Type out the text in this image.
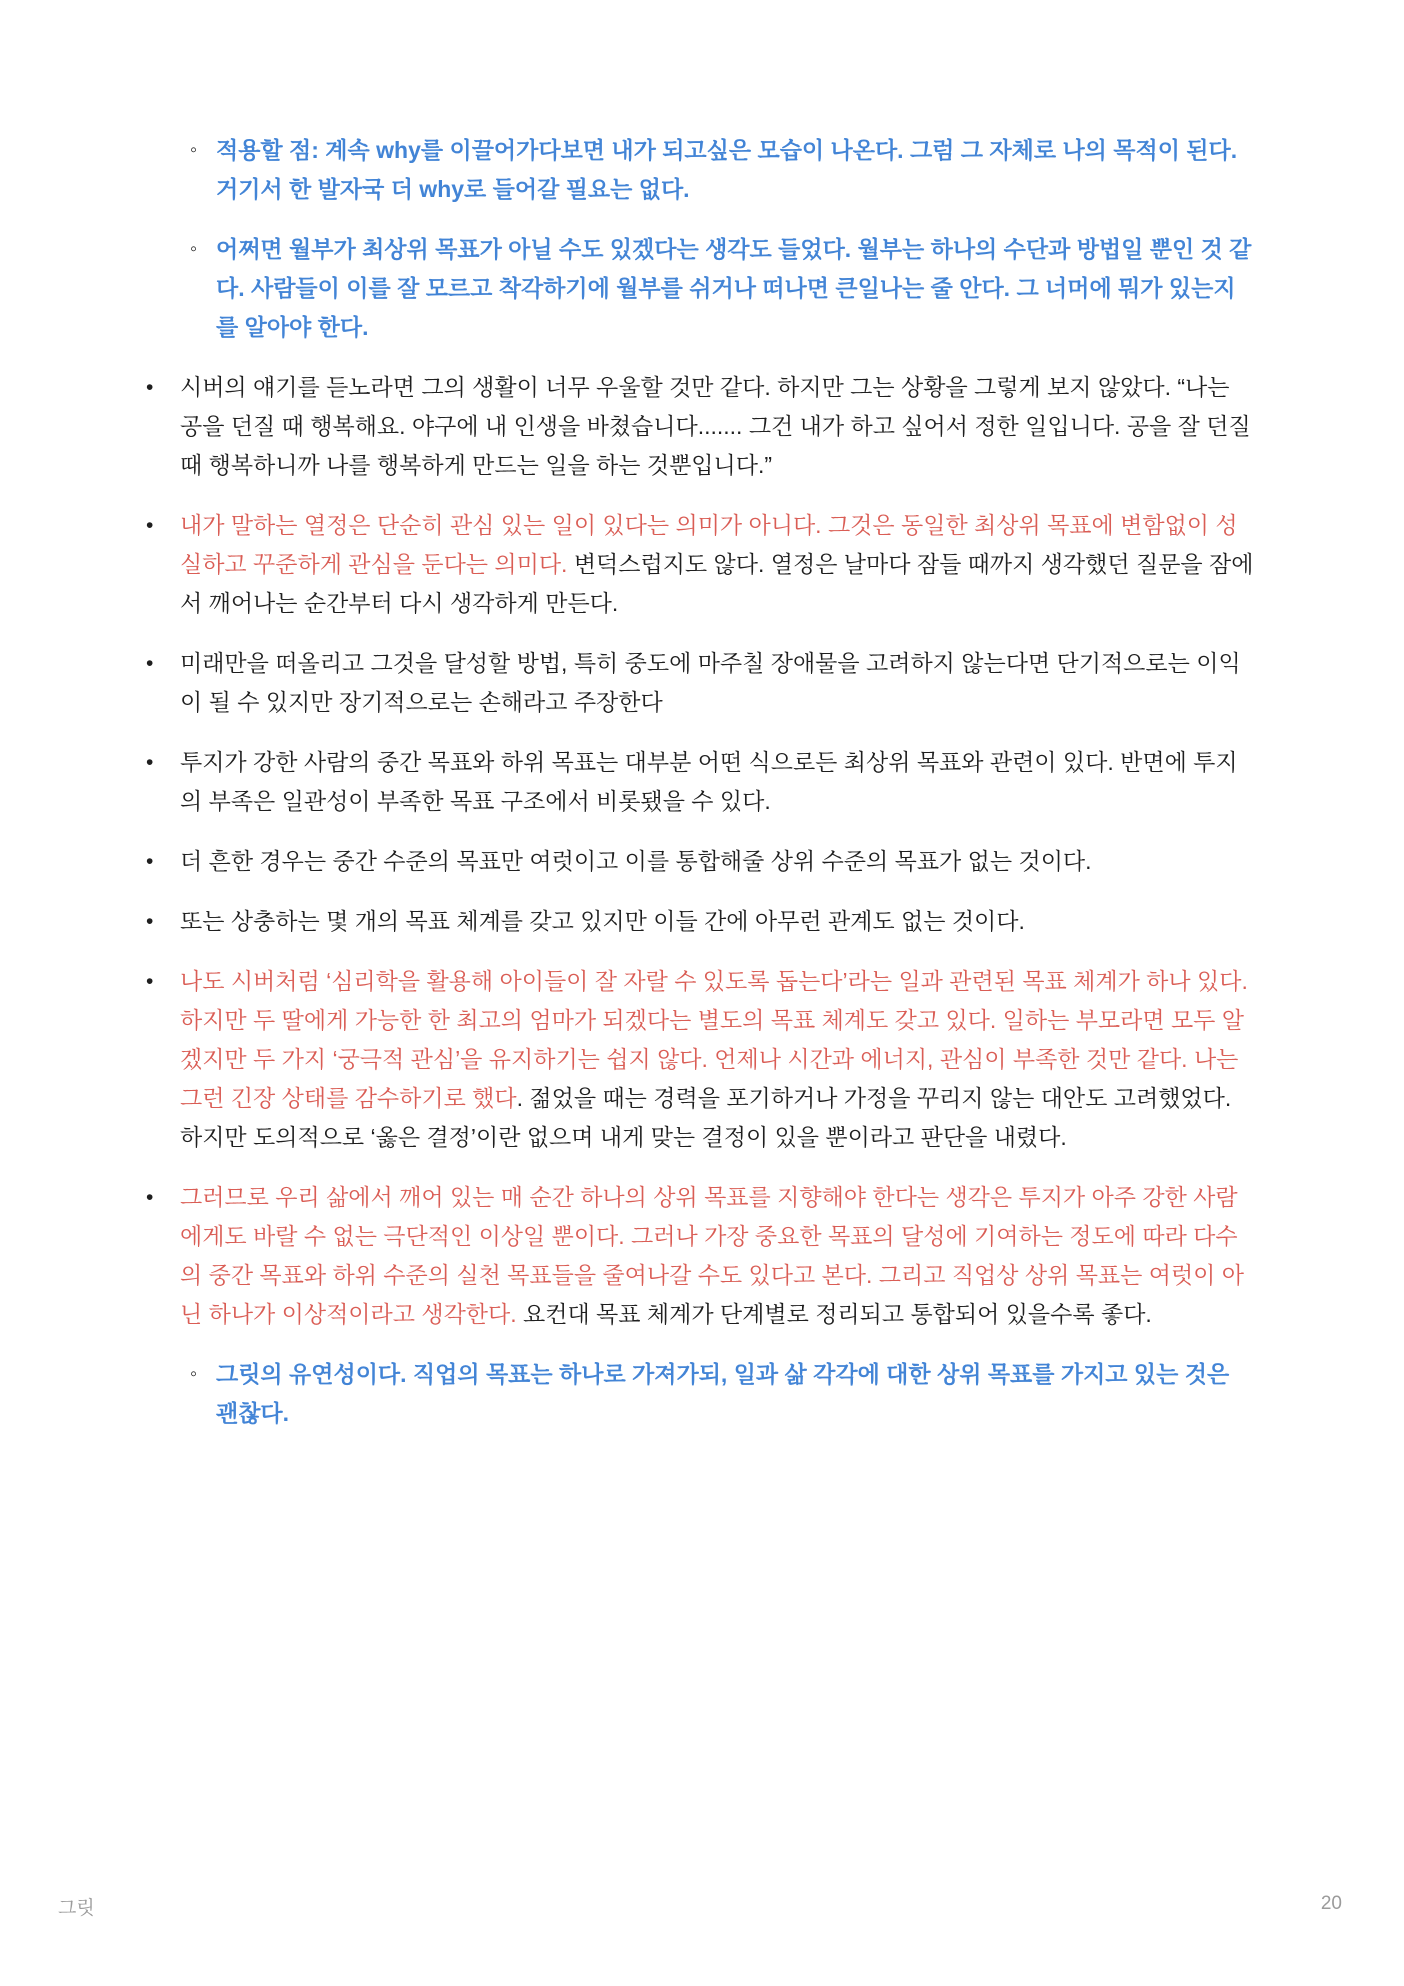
◦ 적용할 점: 계속 why를 이끌어가다보면 내가 되고싶은 모습이 나온다. 그럼 그 자체로 나의 목적이 된다. 거기서 한 발자국 더 why로 들어갈 필요는 없다.
◦ 어쩌면 월부가 최상위 목표가 아닐 수도 있겠다는 생각도 들었다. 월부는 하나의 수단과 방법일 뿐인 것 같다. 사람들이 이를 잘 모르고 착각하기에 월부를 쉬거나 떠나면 큰일나는 줄 안다. 그 너머에 뭐가 있는지를 알아야 한다.
•	시버의 얘기를 듣노라면 그의 생활이 너무 우울할 것만 같다. 하지만 그는 상황을 그렇게 보지 않았다. “나는 공을 던질 때 행복해요. 야구에 내 인생을 바쳤습니다....... 그건 내가 하고 싶어서 정한 일입니다. 공을 잘 던질 때 행복하니까 나를 행복하게 만드는 일을 하는 것뿐입니다.”
•	내가 말하는 열정은 단순히 관심 있는 일이 있다는 의미가 아니다. 그것은 동일한 최상위 목표에 변함없이 성실하고 꾸준하게 관심을 둔다는 의미다. 변덕스럽지도 않다. 열정은 날마다 잠들 때까지 생각했던 질문을 잠에서 깨어나는 순간부터 다시 생각하게 만든다.
•	미래만을 떠올리고 그것을 달성할 방법, 특히 중도에 마주칠 장애물을 고려하지 않는다면 단기적으로는 이익이 될 수 있지만 장기적으로는 손해라고 주장한다
•	투지가 강한 사람의 중간 목표와 하위 목표는 대부분 어떤 식으로든 최상위 목표와 관련이 있다. 반면에 투지의 부족은 일관성이 부족한 목표 구조에서 비롯됐을 수 있다.
•	더 흔한 경우는 중간 수준의 목표만 여럿이고 이를 통합해줄 상위 수준의 목표가 없는 것이다.
•	또는 상충하는 몇 개의 목표 체계를 갖고 있지만 이들 간에 아무런 관계도 없는 것이다.
•	나도 시버처럼 ‘심리학을 활용해 아이들이 잘 자랄 수 있도록 돕는다’라는 일과 관련된 목표 체계가 하나 있다. 하지만 두 딸에게 가능한 한 최고의 엄마가 되겠다는 별도의 목표 체계도 갖고 있다. 일하는 부모라면 모두 알겠지만 두 가지 ‘궁극적 관심’을 유지하기는 쉽지 않다. 언제나 시간과 에너지, 관심이 부족한 것만 같다. 나는 그런 긴장 상태를 감수하기로 했다. 젊었을 때는 경력을 포기하거나 가정을 꾸리지 않는 대안도 고려했었다. 하지만 도의적으로 ‘옳은 결정’이란 없으며 내게 맞는 결정이 있을 뿐이라고 판단을 내렸다.
•	그러므로 우리 삶에서 깨어 있는 매 순간 하나의 상위 목표를 지향해야 한다는 생각은 투지가 아주 강한 사람에게도 바랄 수 없는 극단적인 이상일 뿐이다. 그러나 가장 중요한 목표의 달성에 기여하는 정도에 따라 다수의 중간 목표와 하위 수준의 실천 목표들을 줄여나갈 수도 있다고 본다. 그리고 직업상 상위 목표는 여럿이 아닌 하나가 이상적이라고 생각한다. 요컨대 목표 체계가 단계별로 정리되고 통합되어 있을수록 좋다.
◦ 그릿의 유연성이다. 직업의 목표는 하나로 가져가되, 일과 삶 각각에 대한 상위 목표를 가지고 있는 것은 괜찮다.
그릿	20
